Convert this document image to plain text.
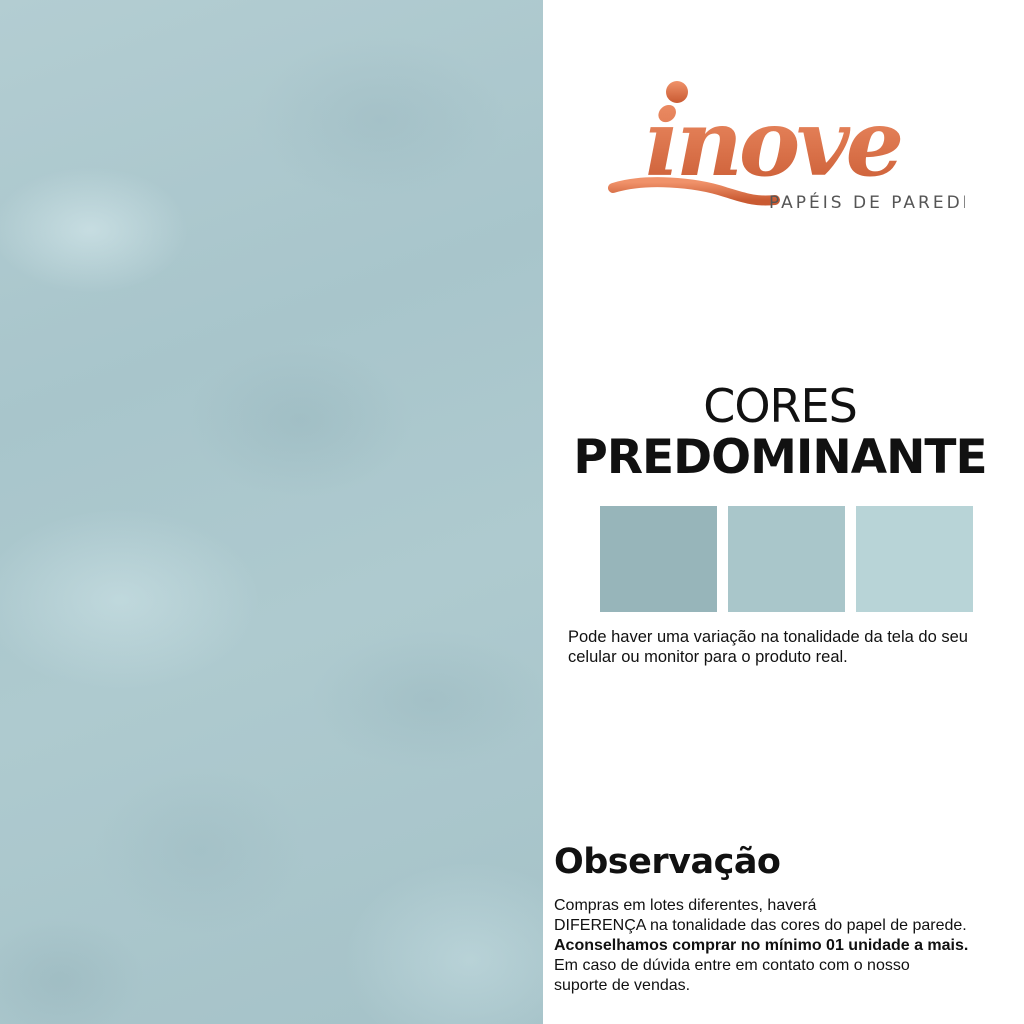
inove
PAPÉIS DE PAREDE
CORES
PREDOMINANTE
Pode haver uma variação na tonalidade da tela do seu celular ou monitor para o produto real.
Observação
Compras em lotes diferentes, haverá
DIFERENÇA na tonalidade das cores do papel de parede.
Aconselhamos comprar no mínimo 01 unidade a mais.
Em caso de dúvida entre em contato com o nosso
suporte de vendas.
